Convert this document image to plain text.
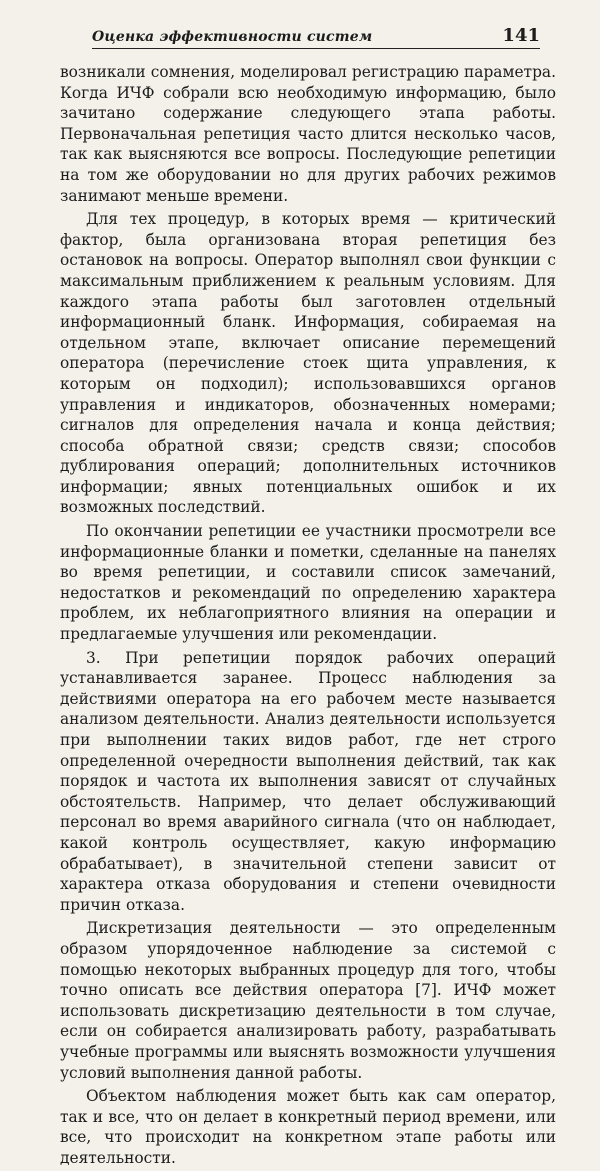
Оценка эффективности систем	141

возникали сомнения, моделировал регистрацию параметра. Когда ИЧФ собрали всю необходимую информацию, было зачитано содержание следующего этапа работы. Первоначальная репетиция часто длится несколько часов, так как выясняются все вопросы. Последующие репетиции на том же оборудовании но для других рабочих режимов занимают меньше времени.

Для тех процедур, в которых время — критический фактор, была организована вторая репетиция без остановок на вопросы. Оператор выполнял свои функции с максимальным приближением к реальным условиям. Для каждого этапа работы был заготовлен отдельный информационный бланк. Информация, собираемая на отдельном этапе, включает описание перемещений оператора (перечисление стоек щита управления, к которым он подходил); использовавшихся органов управления и индикаторов, обозначенных номерами; сигналов для определения начала и конца действия; способа обратной связи; средств связи; способов дублирования операций; дополнительных источников информации; явных потенциальных ошибок и их возможных последствий.

По окончании репетиции ее участники просмотрели все информационные бланки и пометки, сделанные на панелях во время репетиции, и составили список замечаний, недостатков и рекомендаций по определению характера проблем, их неблагоприятного влияния на операции и предлагаемые улучшения или рекомендации.

3. При репетиции порядок рабочих операций устанавливается заранее. Процесс наблюдения за действиями оператора на его рабочем месте называется анализом деятельности. Анализ деятельности используется при выполнении таких видов работ, где нет строго определенной очередности выполнения действий, так как порядок и частота их выполнения зависят от случайных обстоятельств. Например, что делает обслуживающий персонал во время аварийного сигнала (что он наблюдает, какой контроль осуществляет, какую информацию обрабатывает), в значительной степени зависит от характера отказа оборудования и степени очевидности причин отказа.

Дискретизация деятельности — это определенным образом упорядоченное наблюдение за системой с помощью некоторых выбранных процедур для того, чтобы точно описать все действия оператора [7]. ИЧФ может использовать дискретизацию деятельности в том случае, если он собирается анализировать работу, разрабатывать учебные программы или выяснять возможности улучшения условий выполнения данной работы.

Объектом наблюдения может быть как сам оператор, так и все, что он делает в конкретный период времени, или все, что происходит на конкретном этапе работы или деятельности.
